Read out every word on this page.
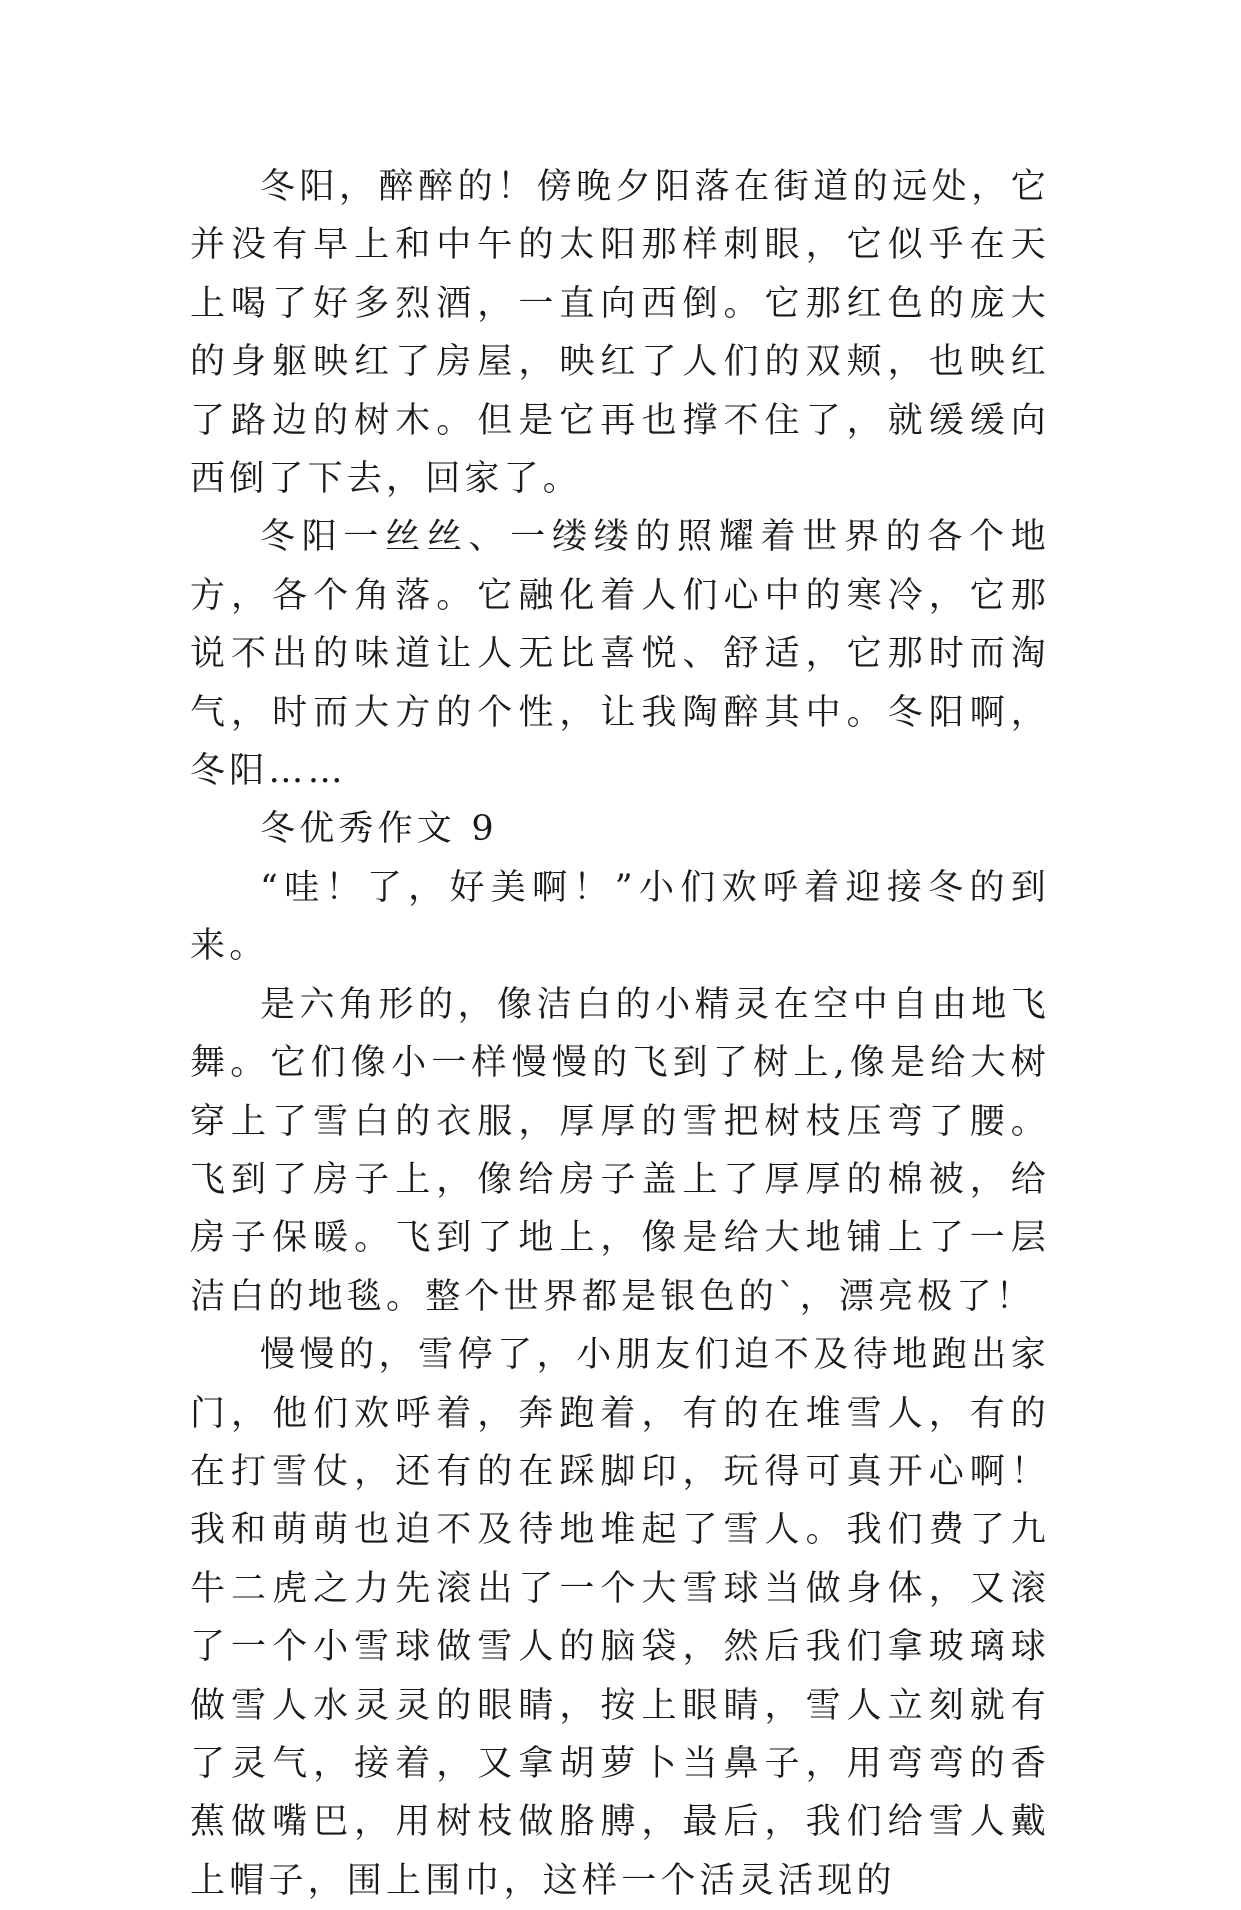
冬阳，醉醉的！傍晚夕阳落在街道的远处，它并没有早上和中午的太阳那样刺眼，它似乎在天上喝了好多烈酒，一直向西倒。它那红色的庞大的身躯映红了房屋，映红了人们的双颊，也映红了路边的树木。但是它再也撑不住了，就缓缓向西倒了下去，回家了。

冬阳一丝丝、一缕缕的照耀着世界的各个地方，各个角落。它融化着人们心中的寒冷，它那说不出的味道让人无比喜悦、舒适，它那时而淘气，时而大方的个性，让我陶醉其中。冬阳啊，冬阳……

冬优秀作文 9

“哇！了，好美啊！”小们欢呼着迎接冬的到来。

是六角形的，像洁白的小精灵在空中自由地飞舞。它们像小一样慢慢的飞到了树上,像是给大树穿上了雪白的衣服，厚厚的雪把树枝压弯了腰。飞到了房子上，像给房子盖上了厚厚的棉被，给房子保暖。飞到了地上，像是给大地铺上了一层洁白的地毯。整个世界都是银色的`，漂亮极了！

慢慢的，雪停了，小朋友们迫不及待地跑出家门，他们欢呼着，奔跑着，有的在堆雪人，有的在打雪仗，还有的在踩脚印，玩得可真开心啊！我和萌萌也迫不及待地堆起了雪人。我们费了九牛二虎之力先滚出了一个大雪球当做身体，又滚了一个小雪球做雪人的脑袋，然后我们拿玻璃球做雪人水灵灵的眼睛，按上眼睛，雪人立刻就有了灵气，接着，又拿胡萝卜当鼻子，用弯弯的香蕉做嘴巴，用树枝做胳膊，最后，我们给雪人戴上帽子，围上围巾，这样一个活灵活现的
